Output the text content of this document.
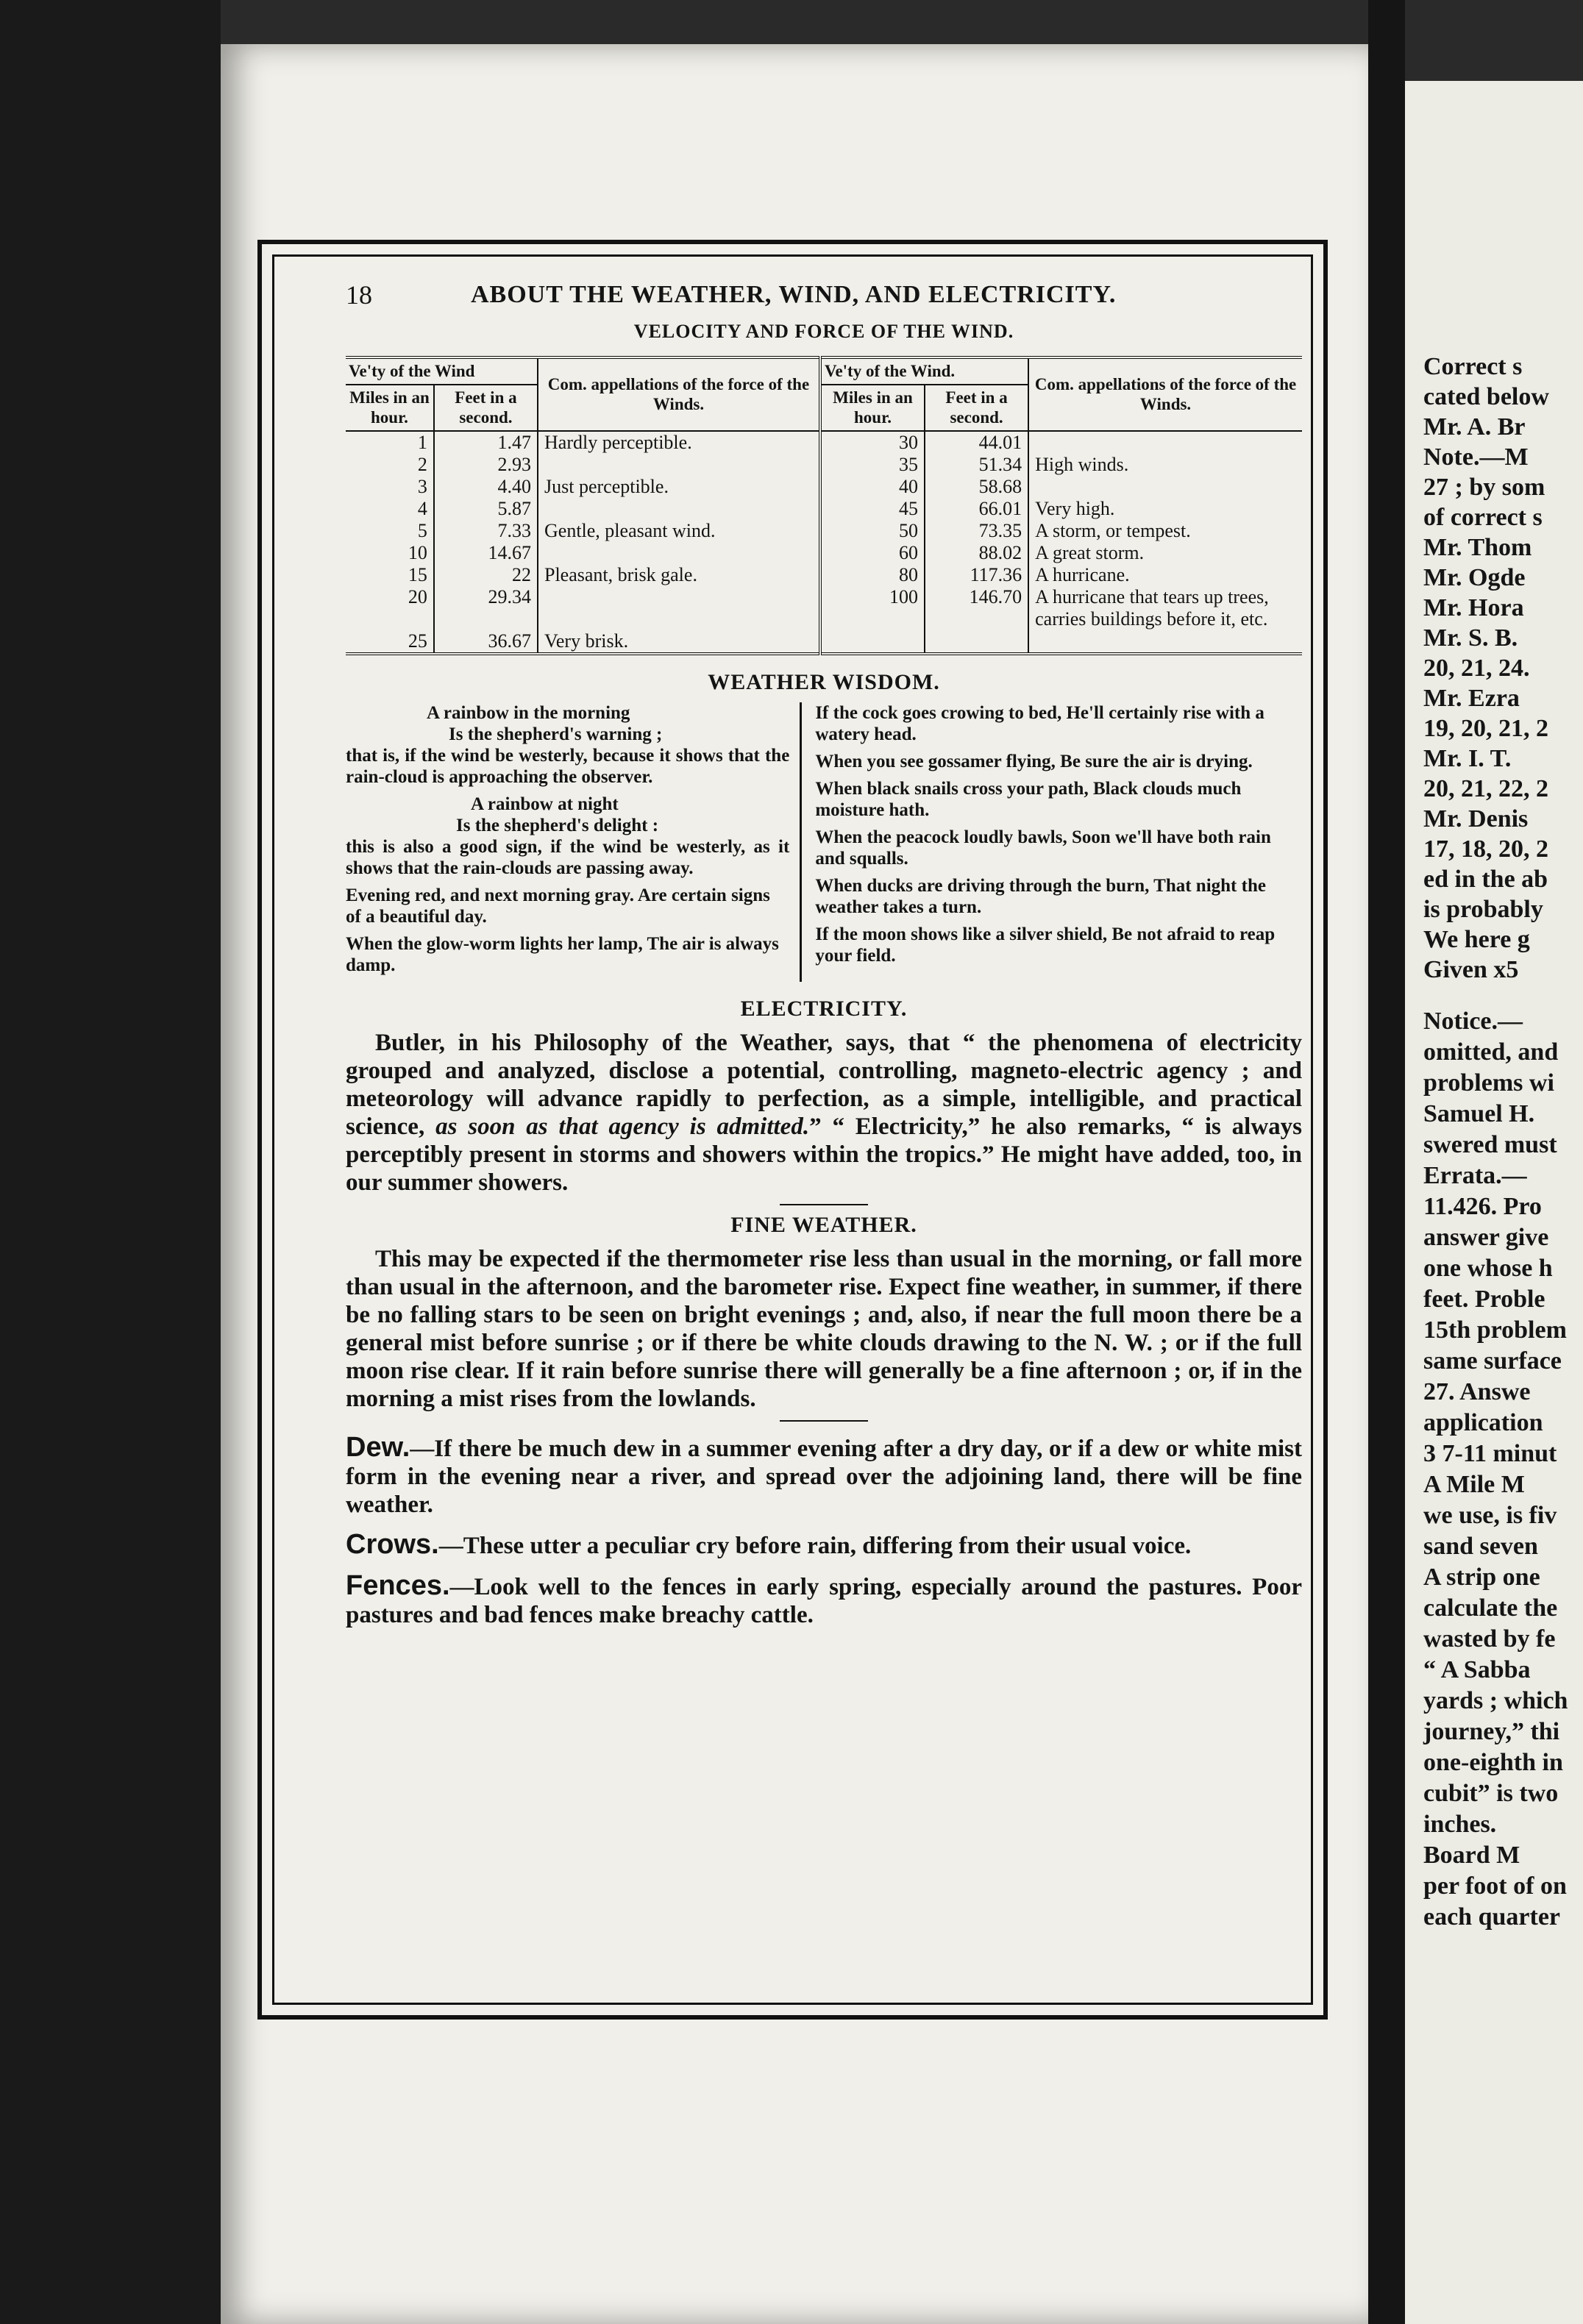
18	ABOUT THE WEATHER, WIND, AND ELECTRICITY.
VELOCITY AND FORCE OF THE WIND.
Ve'ty of the Wind		Com. appellations of the force of the Winds.	Ve'ty of the Wind.		Com. appellations of the force of the Winds.
Miles in an hour.	Feet in a second.		Miles in an hour.	Feet in a second.	
1	1.47	Hardly perceptible.	30	44.01	
2	2.93		35	51.34	High winds.
3	4.40	Just perceptible.	40	58.68	
4	5.87		45	66.01	Very high.
5	7.33	Gentle, pleasant wind.	50	73.35	A storm, or tempest.
10	14.67		60	88.02	A great storm.
15	22	Pleasant, brisk gale.	80	117.36	A hurricane.
20	29.34		100	146.70	A hurricane that tears up trees, carries buildings before it, etc.
25	36.67	Very brisk.			
WEATHER WISDOM.
A rainbow in the morning
Is the shepherd's warning ;
that is, if the wind be westerly, because it shows that the rain-cloud is approaching the observer.
A rainbow at night
Is the shepherd's delight :
this is also a good sign, if the wind be westerly, as it shows that the rain-clouds are passing away.
Evening red, and next morning gray. Are certain signs of a beautiful day.
When the glow-worm lights her lamp, The air is always damp.
If the cock goes crowing to bed, He'll certainly rise with a watery head.
When you see gossamer flying, Be sure the air is drying.
When black snails cross your path, Black clouds much moisture hath.
When the peacock loudly bawls, Soon we'll have both rain and squalls.
When ducks are driving through the burn, That night the weather takes a turn.
If the moon shows like a silver shield, Be not afraid to reap your field.
ELECTRICITY.
Butler, in his Philosophy of the Weather, says, that “ the phenomena of electricity grouped and analyzed, disclose a potential, controlling, magneto-electric agency ; and meteorology will advance rapidly to perfection, as a simple, intelligible, and practical science, as soon as that agency is admitted.” “ Electricity,” he also remarks, “ is always perceptibly present in storms and showers within the tropics.” He might have added, too, in our summer showers.
FINE WEATHER.
This may be expected if the thermometer rise less than usual in the morning, or fall more than usual in the afternoon, and the barometer rise. Expect fine weather, in summer, if there be no falling stars to be seen on bright evenings ; and, also, if near the full moon there be a general mist before sunrise ; or if there be white clouds drawing to the N. W. ; or if the full moon rise clear. If it rain before sunrise there will generally be a fine afternoon ; or, if in the morning a mist rises from the lowlands.
Dew.—If there be much dew in a summer evening after a dry day, or if a dew or white mist form in the evening near a river, and spread over the adjoining land, there will be fine weather.
Crows.—These utter a peculiar cry before rain, differing from their usual voice.
Fences.—Look well to the fences in early spring, especially around the pastures. Poor pastures and bad fences make breachy cattle.
Correct s
cated below
Mr. A. Br
Note.—M
27 ; by som
of correct s
Mr. Thom
Mr. Ogde
Mr. Hora
Mr. S. B.
20, 21, 24.
Mr. Ezra
19, 20, 21, 2
Mr. I. T.
20, 21, 22, 2
Mr. Denis
17, 18, 20, 2
ed in the ab
is probably
We here g
Given x5
Notice.—
omitted, and
problems wi
Samuel H.
swered must
Errata.—
11.426. Pro
answer give
one whose h
feet. Proble
15th problem
same surface
27. Answe
application
3 7-11 minut
A Mile M
we use, is fiv
sand seven
A strip one
calculate the
wasted by fe
“ A Sabba
yards ; which
journey,” thi
one-eighth in
cubit” is two
inches.
Board M
per foot of on
each quarter
